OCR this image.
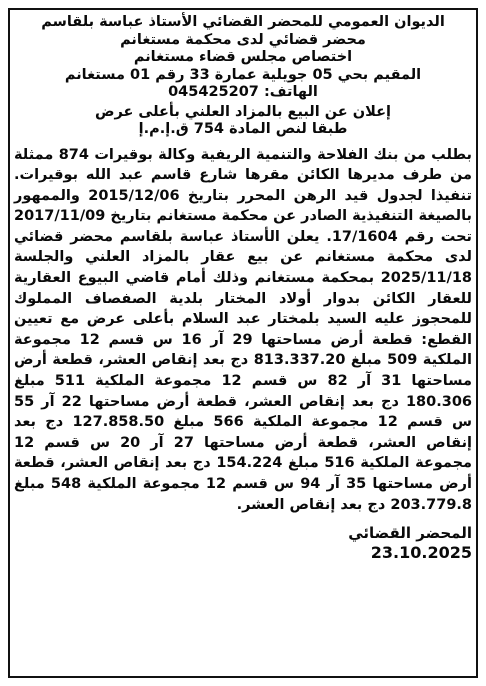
الديوان العمومي للمحضر القضائي الأستاذ عباسة بلقاسم

محضر قضائي لدى محكمة مستغانم

اختصاص مجلس قضاء مستغانم

المقيم بحي 05 جويلية عمارة 33 رقم 01 مستغانم

الهاتف: 045425207

إعلان عن البيع بالمزاد العلني بأعلى عرض

طبقا لنص المادة 754 ق.إ.م.إ

بطلب من بنك الفلاحة والتنمية الريفية وكالة بوقيرات 874 ممثلة من طرف مديرها الكائن مقرها شارع قاسم عبد الله بوقيرات. تنفيذا لجدول قيد الرهن المحرر بتاريخ 2015/12/06 والممهور بالصيغة التنفيذية الصادر عن محكمة مستغانم بتاريخ 2017/11/09 تحت رقم 17/1604. يعلن الأستاذ عباسة بلقاسم محضر قضائي لدى محكمة مستغانم عن بيع عقار بالمزاد العلني والجلسة 2025/11/18 بمحكمة مستغانم وذلك أمام قاضي البيوع العقارية للعقار الكائن بدوار أولاد المختار بلدية الصفصاف المملوك للمحجوز عليه السيد بلمختار عبد السلام بأعلى عرض مع تعيين القطع: قطعة أرض مساحتها 29 آر 16 س قسم 12 مجموعة الملكية 509 مبلغ 813.337.20 دج بعد إنقاص العشر، قطعة أرض مساحتها 31 آر 82 س قسم 12 مجموعة الملكية 511 مبلغ 180.306 دج بعد إنقاص العشر، قطعة أرض مساحتها 22 آر 55 س قسم 12 مجموعة الملكية 566 مبلغ 127.858.50 دج بعد إنقاص العشر، قطعة أرض مساحتها 27 آر 20 س قسم 12 مجموعة الملكية 516 مبلغ 154.224 دج بعد إنقاص العشر، قطعة أرض مساحتها 35 آر 94 س قسم 12 مجموعة الملكية 548 مبلغ 203.779.8 دج بعد إنقاص العشر.
المحضر القضائي
23.10.2025
